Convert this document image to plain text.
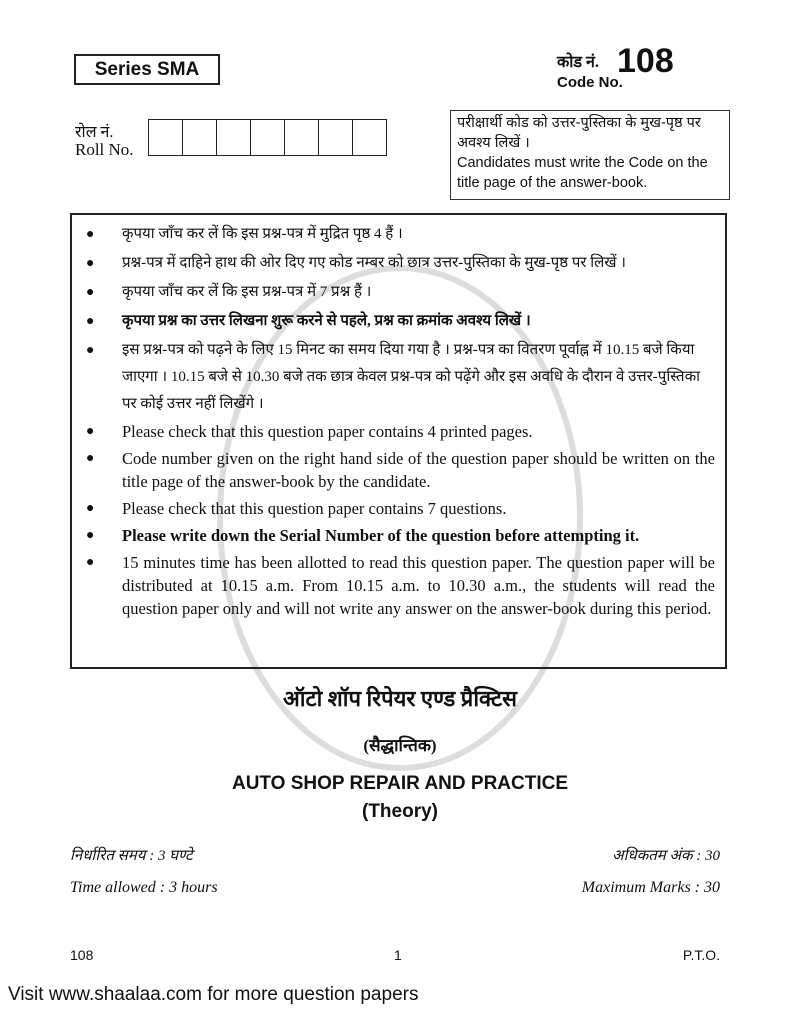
Series SMA	कोड नं.
Code No.
108
रोल नं.
Roll No.
परीक्षार्थी कोड को उत्तर-पुस्तिका के मुख-पृष्ठ पर अवश्य लिखें ।
Candidates must write the Code on the title page of the answer-book.
●	कृपया जाँच कर लें कि इस प्रश्न-पत्र में मुद्रित पृष्ठ 4 हैं ।
●	प्रश्न-पत्र में दाहिने हाथ की ओर दिए गए कोड नम्बर को छात्र उत्तर-पुस्तिका के मुख-पृष्ठ पर लिखें ।
●	कृपया जाँच कर लें कि इस प्रश्न-पत्र में 7 प्रश्न हैं ।
●	कृपया प्रश्न का उत्तर लिखना शुरू करने से पहले, प्रश्न का क्रमांक अवश्य लिखें ।
●	इस प्रश्न-पत्र को पढ़ने के लिए 15 मिनट का समय दिया गया है । प्रश्न-पत्र का वितरण पूर्वाह्न में 10.15 बजे किया जाएगा । 10.15 बजे से 10.30 बजे तक छात्र केवल प्रश्न-पत्र को पढ़ेंगे और इस अवधि के दौरान वे उत्तर-पुस्तिका पर कोई उत्तर नहीं लिखेंगे ।
●	Please check that this question paper contains 4 printed pages.
●	Code number given on the right hand side of the question paper should be written on the title page of the answer-book by the candidate.
●	Please check that this question paper contains 7 questions.
●	Please write down the Serial Number of the question before attempting it.
●	15 minutes time has been allotted to read this question paper. The question paper will be distributed at 10.15 a.m. From 10.15 a.m. to 10.30 a.m., the students will read the question paper only and will not write any answer on the answer-book during this period.
ऑटो शॉप रिपेयर एण्ड प्रैक्टिस
(सैद्धान्तिक)
AUTO SHOP REPAIR AND PRACTICE
(Theory)
निर्धारित समय : 3 घण्टे	अधिकतम अंक : 30
Time allowed : 3 hours	Maximum Marks : 30
108	1	P.T.O.
Visit www.shaalaa.com for more question papers
